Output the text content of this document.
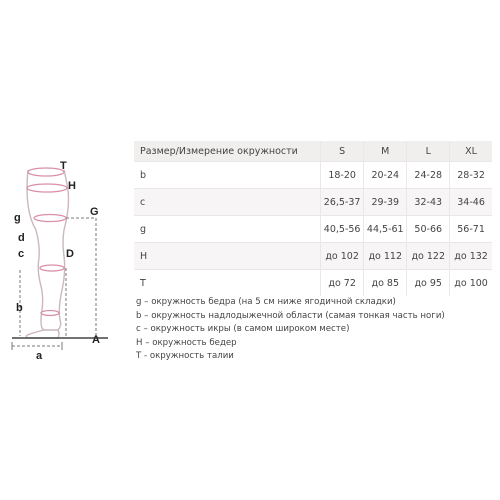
T
H
g	G
d
c	D
b
a
A
Размер/Измерение окружности	S	M	L	XL
b	18-20	20-24	24-28	28-32
c	26,5-37	29-39	32-43	34-46
g	40,5-56	44,5-61	50-66	56-71
H	до 102	до 112	до 122	до 132
T	до 72	до 85	до 95	до 100
g – окружность бедра (на 5 см ниже ягодичной складки)
b – окружность надлодыжечной области (самая тонкая часть ноги)
c – окружность икры (в самом широком месте)
H – окружность бедер
T - окружность талии
